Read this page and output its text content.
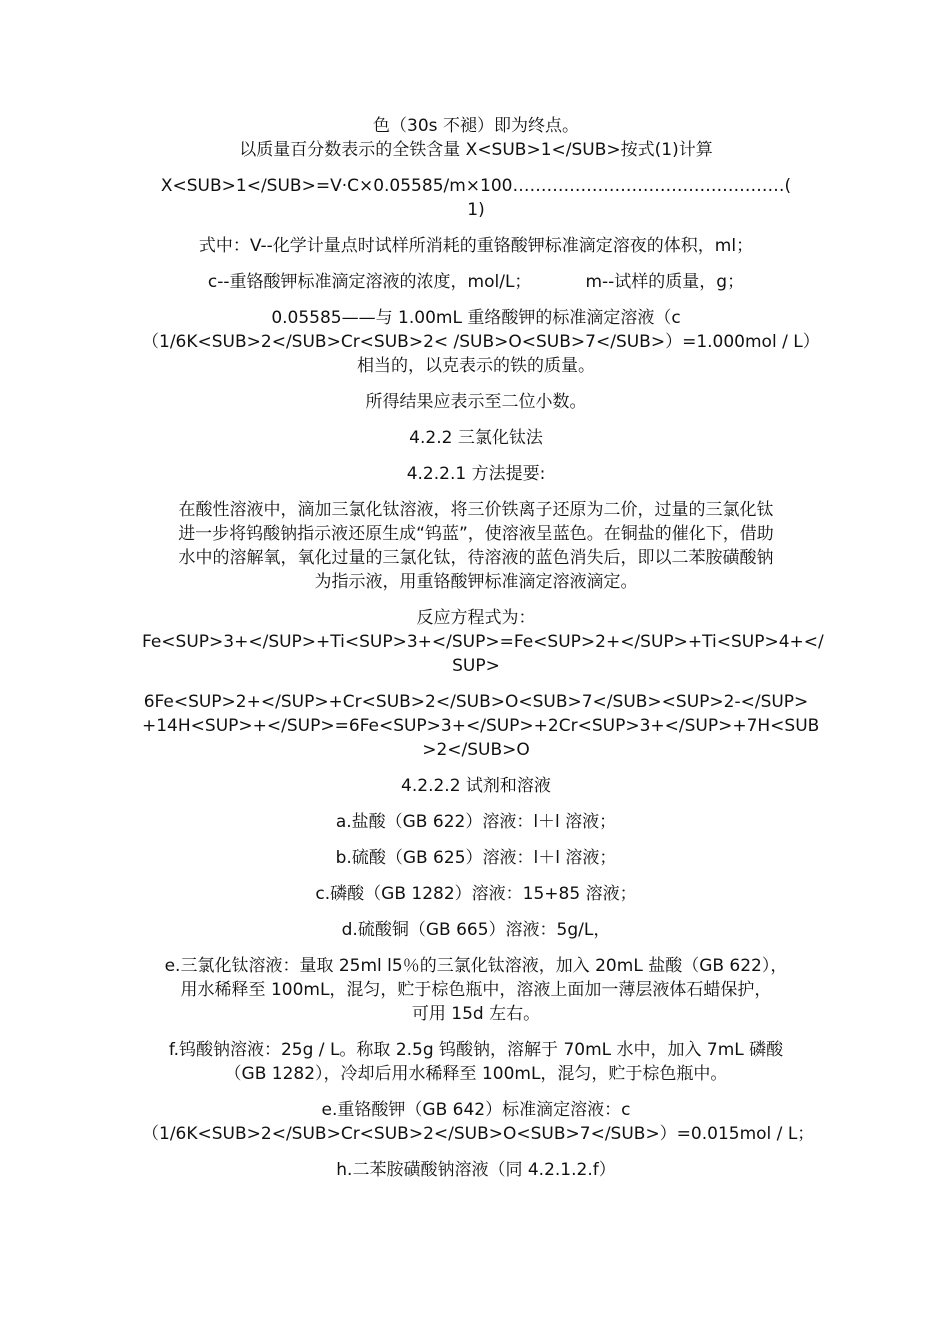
色（30s 不褪）即为终点。
以质量百分数表示的全铁含量 X<SUB>1</SUB>按式(1)计算
X<SUB>1</SUB>=V·C×0.05585/m×100…………………………………………(
1)
式中：V--化学计量点时试样所消耗的重铬酸钾标准滴定溶夜的体积，ml；
c--重铬酸钾标准滴定溶液的浓度，mol/L；          m--试样的质量，g；
0.05585——与 1.00mL 重络酸钾的标准滴定溶液（c
（1/6K<SUB>2</SUB>Cr<SUB>2< /SUB>O<SUB>7</SUB>）=1.000mol / L）
相当的，以克表示的铁的质量。
所得结果应表示至二位小数。
4.2.2 三氯化钛法
4.2.2.1 方法提要:
在酸性溶液中，滴加三氯化钛溶液，将三价铁离子还原为二价，过量的三氯化钛
进一步将钨酸钠指示液还原生成“钨蓝”，使溶液呈蓝色。在铜盐的催化下，借助
水中的溶解氧，氧化过量的三氯化钛，待溶液的蓝色消失后，即以二苯胺磺酸钠
为指示液，用重铬酸钾标准滴定溶液滴定。
反应方程式为：
Fe<SUP>3+</SUP>+Ti<SUP>3+</SUP>=Fe<SUP>2+</SUP>+Ti<SUP>4+</
SUP>
6Fe<SUP>2+</SUP>+Cr<SUB>2</SUB>O<SUB>7</SUB><SUP>2-</SUP>
+14H<SUP>+</SUP>=6Fe<SUP>3+</SUP>+2Cr<SUP>3+</SUP>+7H<SUB
>2</SUB>O
4.2.2.2 试剂和溶液
a.盐酸（GB 622）溶液：l＋l 溶液；
b.硫酸（GB 625）溶液：l＋l 溶液；
c.磷酸（GB 1282）溶液：15+85 溶液；
d.硫酸铜（GB 665）溶液：5g/L，
e.三氯化钛溶液：量取 25ml l5％的三氯化钛溶液，加入 20mL 盐酸（GB 622），
用水稀释至 100mL，混匀，贮于棕色瓶中，溶液上面加一薄层液体石蜡保护，
可用 15d 左右。
f.钨酸钠溶液：25g / L。称取 2.5g 钨酸钠，溶解于 70mL 水中，加入 7mL 磷酸
（GB 1282），冷却后用水稀释至 100mL，混匀，贮于棕色瓶中。
e.重铬酸钾（GB 642）标准滴定溶液：c
（1/6K<SUB>2</SUB>Cr<SUB>2</SUB>O<SUB>7</SUB>）=0.015mol / L；
h.二苯胺磺酸钠溶液（同 4.2.1.2.f）
